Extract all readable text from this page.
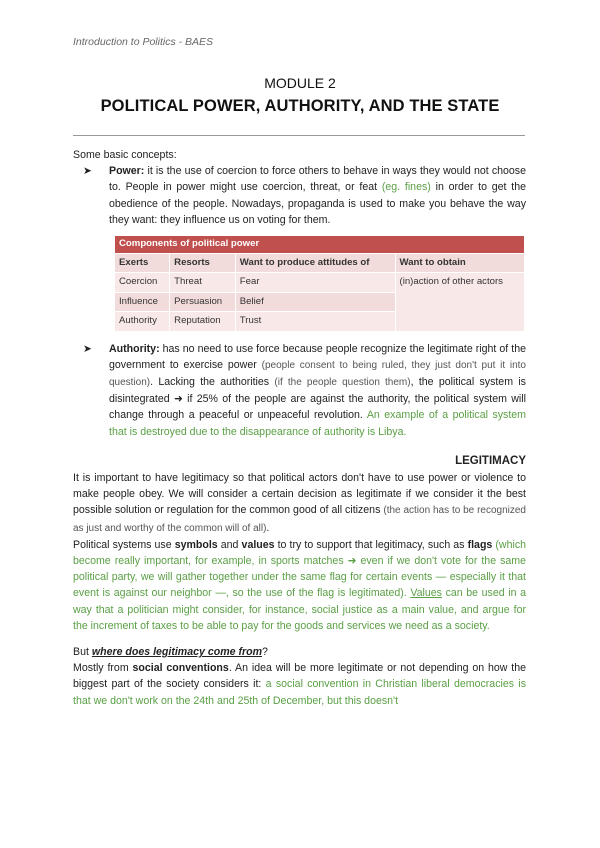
Introduction to Politics - BAES
MODULE 2
POLITICAL POWER, AUTHORITY, AND THE STATE

Some basic concepts:

➤ Power: it is the use of coercion to force others to behave in ways they would not choose to. People in power might use coercion, threat, or feat (eg. fines) in order to get the obedience of the people. Nowadays, propaganda is used to make you behave the way they want: they influence us on voting for them.

Components of political power			
Exerts	Resorts	Want to produce attitudes of	Want to obtain
Coercion	Threat	Fear	(in)action of other actors
Influence	Persuasion	Belief	
Authority	Reputation	Trust	

➤ Authority: has no need to use force because people recognize the legitimate right of the government to exercise power (people consent to being ruled, they just don't put it into question). Lacking the authorities (if the people question them), the political system is disintegrated ➜ if 25% of the people are against the authority, the political system will change through a peaceful or unpeaceful revolution. An example of a political system that is destroyed due to the disappearance of authority is Libya.

LEGITIMACY

It is important to have legitimacy so that political actors don't have to use power or violence to make people obey. We will consider a certain decision as legitimate if we consider it the best possible solution or regulation for the common good of all citizens (the action has to be recognized as just and worthy of the common will of all).

Political systems use symbols and values to try to support that legitimacy, such as flags (which become really important, for example, in sports matches ➜ even if we don't vote for the same political party, we will gather together under the same flag for certain events — especially it that event is against our neighbor —, so the use of the flag is legitimated). Values can be used in a way that a politician might consider, for instance, social justice as a main value, and argue for the increment of taxes to be able to pay for the goods and services we need as a society.

But where does legitimacy come from?

Mostly from social conventions. An idea will be more legitimate or not depending on how the biggest part of the society considers it: a social convention in Christian liberal democracies is that we don't work on the 24th and 25th of December, but this doesn't
